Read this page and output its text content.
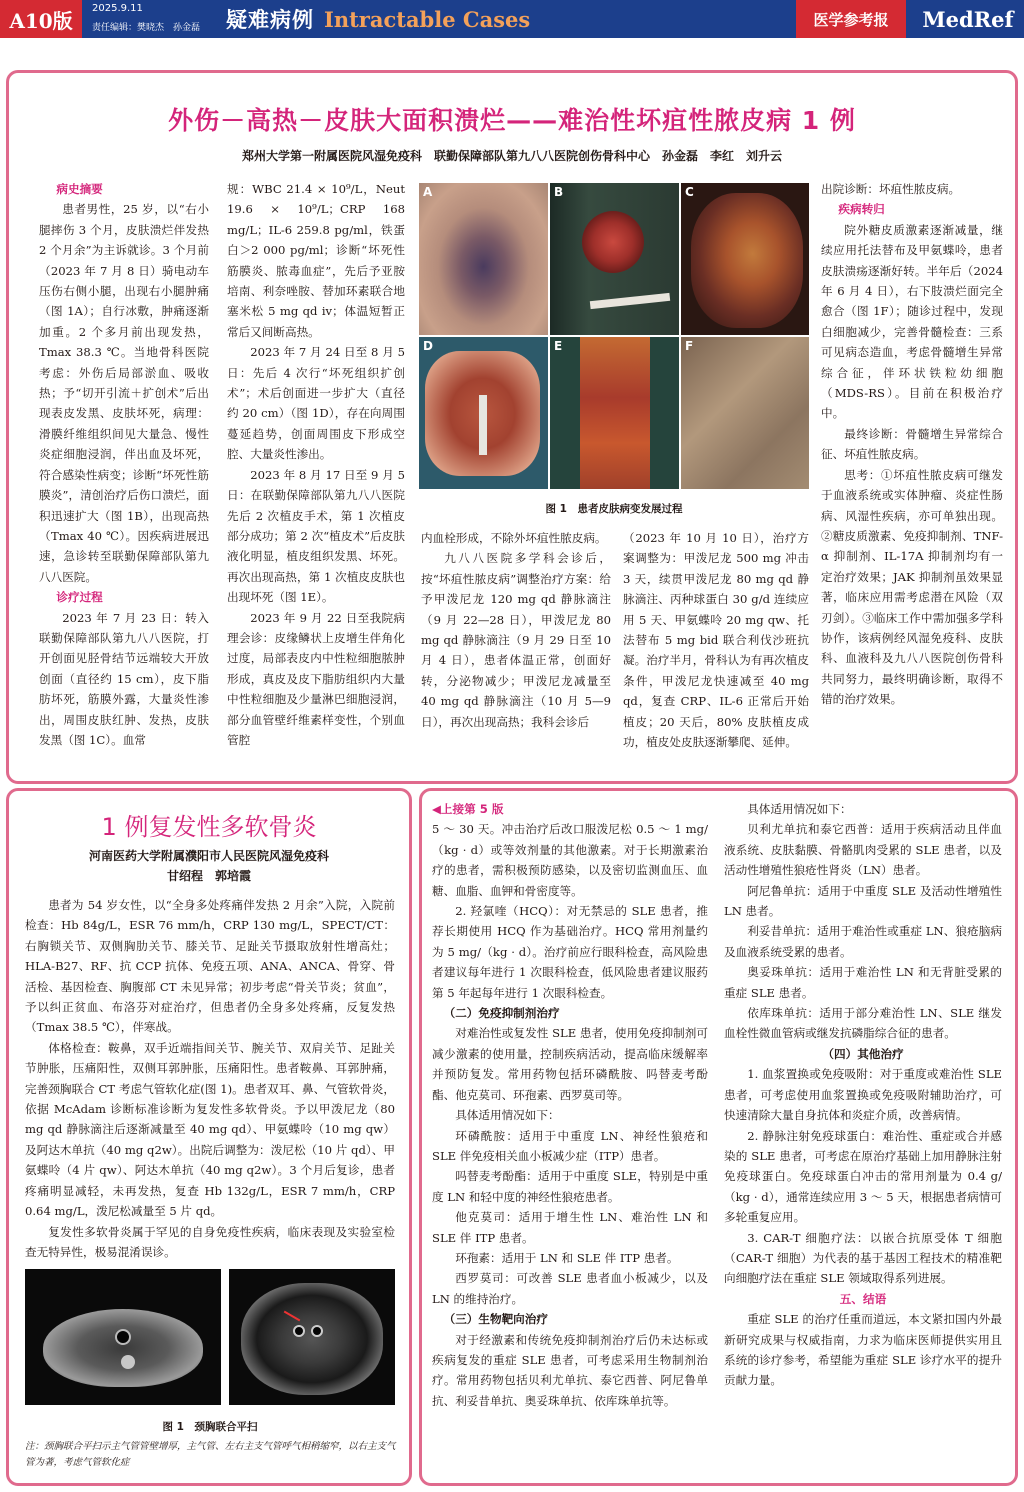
A10版	2025.9.11
责任编辑：樊晓杰　孙金磊 疑难病例 Intractable Cases	医学参考报	MedRef
外伤－高热－皮肤大面积溃烂——难治性坏疽性脓皮病 1 例
郑州大学第一附属医院风湿免疫科　联勤保障部队第九八八医院创伤骨科中心　孙金磊　李红　刘升云
病史摘要

患者男性，25 岁，以“右小腿摔伤 3 个月，皮肤溃烂伴发热 2 个月余”为主诉就诊。3 个月前（2023 年 7 月 8 日）骑电动车压伤右侧小腿，出现右小腿肿痛（图 1A）；自行冰敷，肿痛逐渐加重。2 个多月前出现发热，Tmax 38.3 ℃。当地骨科医院考虑：外伤后局部淤血、吸收热；予“切开引流＋扩创术”后出现表皮发黑、皮肤坏死，病理：滑膜纤维组织间见大量急、慢性炎症细胞浸润，伴出血及坏死，符合感染性病变；诊断“坏死性筋膜炎”，清创治疗后伤口溃烂，面积迅速扩大（图 1B），出现高热（Tmax 40 ℃）。因疾病进展迅速，急诊转至联勤保障部队第九八八医院。

诊疗过程

2023 年 7 月 23 日：转入联勤保障部队第九八八医院，打开创面见胫骨结节远端较大开放创面（直径约 15 cm），皮下脂肪坏死，筋膜外露，大量炎性渗出，周围皮肤红肿、发热，皮肤发黑（图 1C）。血常

规：WBC 21.4 × 10⁹/L，Neut 19.6 × 10⁹/L；CRP 168 mg/L；IL-6 259.8 pg/ml，铁蛋白＞2 000 pg/ml；诊断“坏死性筋膜炎、脓毒血症”，先后予亚胺培南、利奈唑胺、替加环素联合地塞米松 5 mg qd iv；体温短暂正常后又间断高热。

2023 年 7 月 24 日至 8 月 5 日：先后 4 次行“坏死组织扩创术”；术后创面进一步扩大（直径约 20 cm）（图 1D），存在向周围蔓延趋势，创面周围皮下形成空腔、大量炎性渗出。

2023 年 8 月 17 日至 9 月 5 日：在联勤保障部队第九八八医院先后 2 次植皮手术，第 1 次植皮部分成功；第 2 次“植皮术”后皮肤液化明显，植皮组织发黑、坏死。再次出现高热，第 1 次植皮皮肤也出现坏死（图 1E）。

2023 年 9 月 22 日至我院病理会诊：皮缘鳞状上皮增生伴角化过度，局部表皮内中性粒细胞脓肿形成，真皮及皮下脂肪组织内大量中性粒细胞及少量淋巴细胞浸润，部分血管壁纤维素样变性，个别血管腔

内血栓形成，不除外坏疽性脓皮病。

九八八医院多学科会诊后，按“坏疽性脓皮病”调整治疗方案：给予甲泼尼龙 120 mg qd 静脉滴注（9 月 22—28 日），甲泼尼龙 80 mg qd 静脉滴注（9 月 29 日至 10 月 4 日），患者体温正常，创面好转，分泌物减少；甲泼尼龙减量至 40 mg qd 静脉滴注（10 月 5—9 日），再次出现高热；我科会诊后

（2023 年 10 月 10 日），治疗方案调整为：甲泼尼龙 500 mg 冲击 3 天，续贯甲泼尼龙 80 mg qd 静脉滴注、丙种球蛋白 30 g/d 连续应用 5 天、甲氨蝶呤 20 mg qw、托法替布 5 mg bid 联合利伐沙班抗凝。治疗半月，骨科认为有再次植皮条件，甲泼尼龙快速减至 40 mg qd，复查 CRP、IL-6 正常后开始植皮；20 天后，80% 皮肤植皮成功，植皮处皮肤逐渐攀爬、延伸。

出院诊断：坏疽性脓皮病。

疾病转归

院外糖皮质激素逐渐减量，继续应用托法替布及甲氨蝶呤，患者皮肤溃疡逐渐好转。半年后（2024 年 6 月 4 日），右下肢溃烂面完全愈合（图 1F）；随诊过程中，发现白细胞减少，完善骨髓检查：三系可见病态造血，考虑骨髓增生异常综合征，伴环状铁粒幼细胞（MDS-RS）。目前在积极治疗中。

最终诊断：骨髓增生异常综合征、坏疽性脓皮病。

思考：①坏疽性脓皮病可继发于血液系统或实体肿瘤、炎症性肠病、风湿性疾病，亦可单独出现。②糖皮质激素、免疫抑制剂、TNF-α 抑制剂、IL-17A 抑制剂均有一定治疗效果；JAK 抑制剂虽效果显著，临床应用需考虑潜在风险（双刃剑）。③临床工作中需加强多学科协作，该病例经风湿免疫科、皮肤科、血液科及九八八医院创伤骨科共同努力，最终明确诊断，取得不错的治疗效果。

A	B	C
D	E	F
图 1　患者皮肤病变发展过程
1 例复发性多软骨炎
河南医药大学附属濮阳市人民医院风湿免疫科
甘绍程　郭培霞

患者为 54 岁女性，以“全身多处疼痛伴发热 2 月余”入院，入院前检查：Hb 84g/L，ESR 76 mm/h，CRP 130 mg/L，SPECT/CT：右胸锁关节、双侧胸肋关节、膝关节、足趾关节摄取放射性增高灶；HLA-B27、RF、抗 CCP 抗体、免疫五项、ANA、ANCA、骨穿、骨活检、基因检查、胸腹部 CT 未见异常；初步考虑“骨关节炎；贫血”，予以纠正贫血、布洛芬对症治疗，但患者仍全身多处疼痛，反复发热（Tmax 38.5 ℃），伴寒战。

体格检查：鞍鼻，双手近端指间关节、腕关节、双肩关节、足趾关节肿胀，压痛阳性，双侧耳郭肿胀，压痛阳性。患者鞍鼻、耳郭肿痛，完善颈胸联合 CT 考虑气管软化症(图 1)。患者双耳、鼻、气管软骨炎，依据 McAdam 诊断标准诊断为复发性多软骨炎。予以甲泼尼龙（80 mg qd 静脉滴注后逐渐减量至 40 mg qd）、甲氨蝶呤（10 mg qw）及阿达木单抗（40 mg q2w）。出院后调整为：泼尼松（10 片 qd）、甲氨蝶呤（4 片 qw）、阿达木单抗（40 mg q2w）。3 个月后复诊，患者疼痛明显减轻，未再发热，复查 Hb 132g/L，ESR 7 mm/h，CRP 0.64 mg/L，泼尼松减量至 5 片 qd。

复发性多软骨炎属于罕见的自身免疫性疾病，临床表现及实验室检查无特异性，极易混淆误诊。

图 1　颈胸联合平扫
注：颈胸联合平扫示主气管管壁增厚，主气管、左右主支气管呼气相稍缩窄，以右主支气管为著，考虑气管软化症
◀上接第 5 版

5 ～ 30 天。冲击治疗后改口服泼尼松 0.5 ～ 1 mg/（kg · d）或等效剂量的其他激素。对于长期激素治疗的患者，需积极预防感染，以及密切监测血压、血糖、血脂、血钾和骨密度等。

2. 羟氯喹（HCQ）：对无禁忌的 SLE 患者，推荐长期使用 HCQ 作为基础治疗。HCQ 常用剂量约为 5 mg/（kg · d）。治疗前应行眼科检查，高风险患者建议每年进行 1 次眼科检查，低风险患者建议服药第 5 年起每年进行 1 次眼科检查。

（二）免疫抑制剂治疗

对难治性或复发性 SLE 患者，使用免疫抑制剂可减少激素的使用量，控制疾病活动，提高临床缓解率并预防复发。常用药物包括环磷酰胺、吗替麦考酚酯、他克莫司、环孢素、西罗莫司等。

具体适用情况如下：

环磷酰胺：适用于中重度 LN、神经性狼疮和 SLE 伴免疫相关血小板减少症（ITP）患者。

吗替麦考酚酯：适用于中重度 SLE，特别是中重度 LN 和轻中度的神经性狼疮患者。

他克莫司：适用于增生性 LN、难治性 LN 和 SLE 伴 ITP 患者。

环孢素：适用于 LN 和 SLE 伴 ITP 患者。

西罗莫司：可改善 SLE 患者血小板减少，以及 LN 的维持治疗。

（三）生物靶向治疗

对于经激素和传统免疫抑制剂治疗后仍未达标或疾病复发的重症 SLE 患者，可考虑采用生物制剂治疗。常用药物包括贝利尤单抗、泰它西普、阿尼鲁单抗、利妥昔单抗、奥妥珠单抗、依库珠单抗等。

具体适用情况如下：

贝利尤单抗和泰它西普：适用于疾病活动且伴血液系统、皮肤黏膜、骨骼肌肉受累的 SLE 患者，以及活动性增殖性狼疮性肾炎（LN）患者。

阿尼鲁单抗：适用于中重度 SLE 及活动性增殖性 LN 患者。

利妥昔单抗：适用于难治性或重症 LN、狼疮脑病及血液系统受累的患者。

奥妥珠单抗：适用于难治性 LN 和无背脏受累的重症 SLE 患者。

依库珠单抗：适用于部分难治性 LN、SLE 继发血栓性微血管病或继发抗磷脂综合征的患者。

（四）其他治疗

1. 血浆置换或免疫吸附：对于重度或难治性 SLE 患者，可考虑使用血浆置换或免疫吸附辅助治疗，可快速清除大量自身抗体和炎症介质，改善病情。

2. 静脉注射免疫球蛋白：难治性、重症或合并感染的 SLE 患者，可考虑在原治疗基础上加用静脉注射免疫球蛋白。免疫球蛋白冲击的常用剂量为 0.4 g/（kg · d），通常连续应用 3 ～ 5 天，根据患者病情可多轮重复应用。

3. CAR-T 细胞疗法：以嵌合抗原受体 T 细胞（CAR-T 细胞）为代表的基于基因工程技术的精准靶向细胞疗法在重症 SLE 领域取得系列进展。

五、结语

重症 SLE 的治疗任重而道远，本文紧扣国内外最新研究成果与权威指南，力求为临床医师提供实用且系统的诊疗参考，希望能为重症 SLE 诊疗水平的提升贡献力量。
